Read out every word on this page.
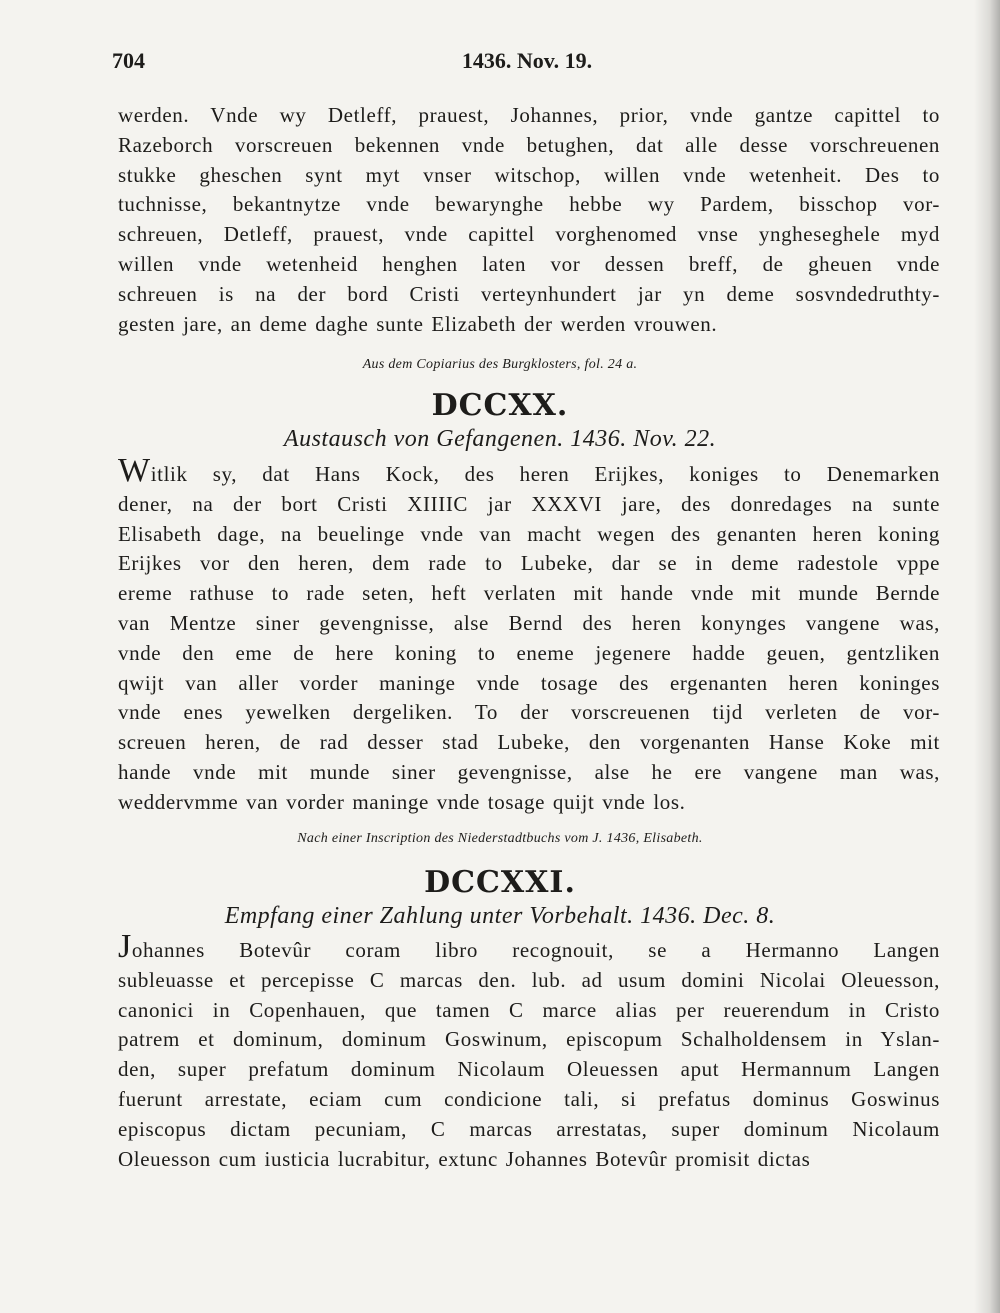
704	1436. Nov. 19.
werden. Vnde wy Detleff, prauest, Johannes, prior, vnde gantze capittel to
Razeborch vorscreuen bekennen vnde betughen, dat alle desse vorschreuenen
stukke gheschen synt myt vnser witschop, willen vnde wetenheit. Des to
tuchnisse, bekantnytze vnde bewarynghe hebbe wy Pardem, bisschop vor-
schreuen, Detleff, prauest, vnde capittel vorghenomed vnse yngheseghele myd
willen vnde wetenheid henghen laten vor dessen breff, de gheuen vnde
schreuen is na der bord Cristi verteynhundert jar yn deme sosvndedruthty-
gesten jare, an deme daghe sunte Elizabeth der werden vrouwen.
Aus dem Copiarius des Burgklosters, fol. 24 a.
DCCXX.
Austausch von Gefangenen. 1436. Nov. 22.
Witlik sy, dat Hans Kock, des heren Erijkes, koniges to Denemarken
dener, na der bort Cristi XIIIIC jar XXXVI jare, des donredages na sunte
Elisabeth dage, na beuelinge vnde van macht wegen des genanten heren koning
Erijkes vor den heren, dem rade to Lubeke, dar se in deme radestole vppe
ereme rathuse to rade seten, heft verlaten mit hande vnde mit munde Bernde
van Mentze siner gevengnisse, alse Bernd des heren konynges vangene was,
vnde den eme de here koning to eneme jegenere hadde geuen, gentzliken
qwijt van aller vorder maninge vnde tosage des ergenanten heren koninges
vnde enes yewelken dergeliken. To der vorscreuenen tijd verleten de vor-
screuen heren, de rad desser stad Lubeke, den vorgenanten Hanse Koke mit
hande vnde mit munde siner gevengnisse, alse he ere vangene man was,
weddervmme van vorder maninge vnde tosage quijt vnde los.
Nach einer Inscription des Niederstadtbuchs vom J. 1436, Elisabeth.
DCCXXI.
Empfang einer Zahlung unter Vorbehalt. 1436. Dec. 8.
Johannes Botevûr coram libro recognouit, se a Hermanno Langen
subleuasse et percepisse C marcas den. lub. ad usum domini Nicolai Oleuesson,
canonici in Copenhauen, que tamen C marce alias per reuerendum in Cristo
patrem et dominum, dominum Goswinum, episcopum Schalholdensem in Yslan-
den, super prefatum dominum Nicolaum Oleuessen aput Hermannum Langen
fuerunt arrestate, eciam cum condicione tali, si prefatus dominus Goswinus
episcopus dictam pecuniam, C marcas arrestatas, super dominum Nicolaum
Oleuesson cum iusticia lucrabitur, extunc Johannes Botevûr promisit dictas
